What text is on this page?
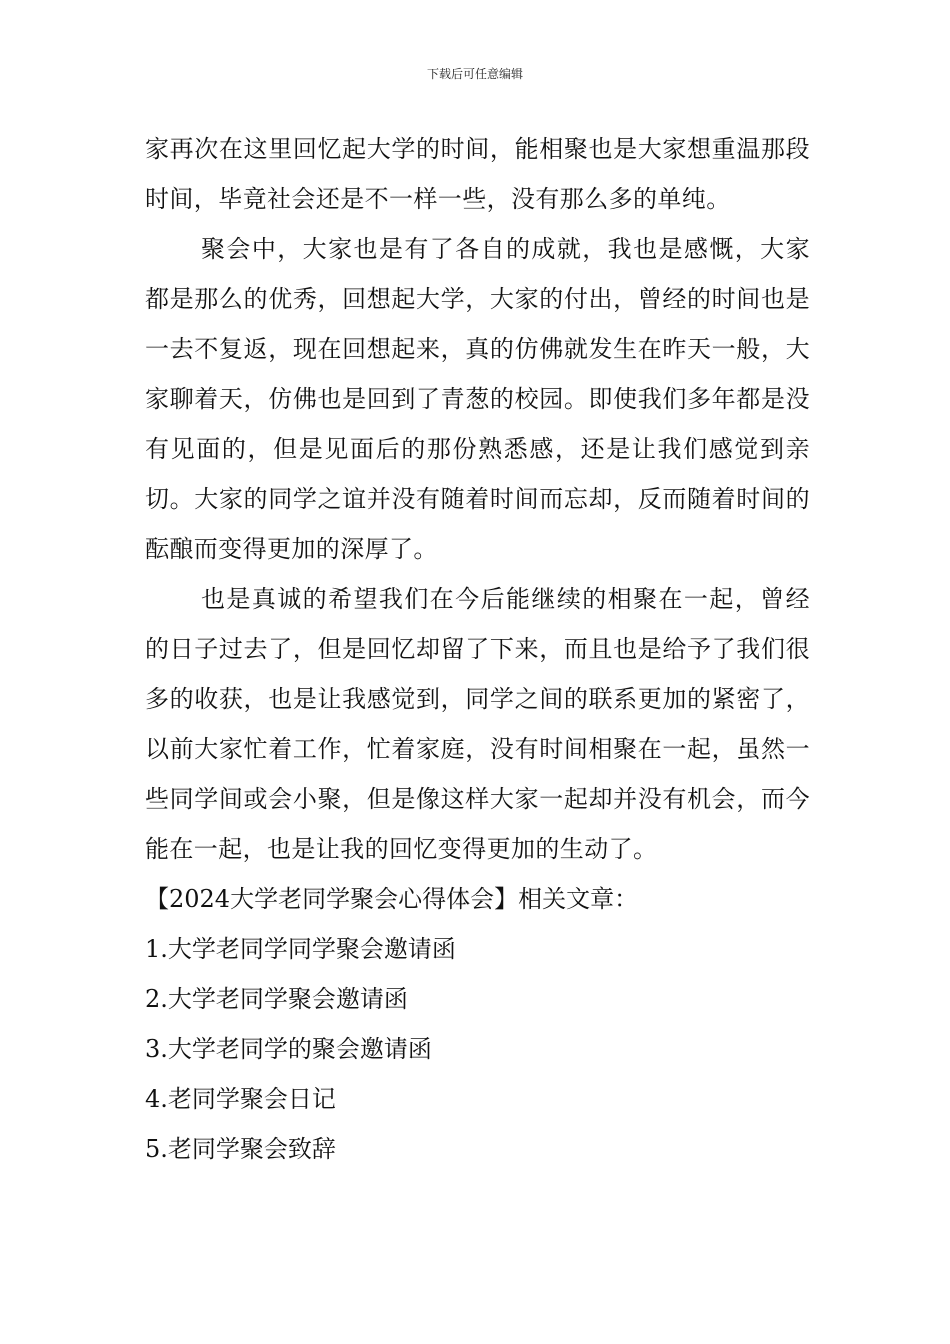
下载后可任意编辑

家再次在这里回忆起大学的时间，能相聚也是大家想重温那段时间，毕竟社会还是不一样一些，没有那么多的单纯。

聚会中，大家也是有了各自的成就，我也是感慨，大家都是那么的优秀，回想起大学，大家的付出，曾经的时间也是一去不复返，现在回想起来，真的仿佛就发生在昨天一般，大家聊着天，仿佛也是回到了青葱的校园。即使我们多年都是没有见面的，但是见面后的那份熟悉感，还是让我们感觉到亲切。大家的同学之谊并没有随着时间而忘却，反而随着时间的酝酿而变得更加的深厚了。

也是真诚的希望我们在今后能继续的相聚在一起，曾经的日子过去了，但是回忆却留了下来，而且也是给予了我们很多的收获，也是让我感觉到，同学之间的联系更加的紧密了，以前大家忙着工作，忙着家庭，没有时间相聚在一起，虽然一些同学间或会小聚，但是像这样大家一起却并没有机会，而今能在一起，也是让我的回忆变得更加的生动了。

【2024大学老同学聚会心得体会】相关文章：

1.大学老同学同学聚会邀请函
2.大学老同学聚会邀请函
3.大学老同学的聚会邀请函
4.老同学聚会日记
5.老同学聚会致辞
